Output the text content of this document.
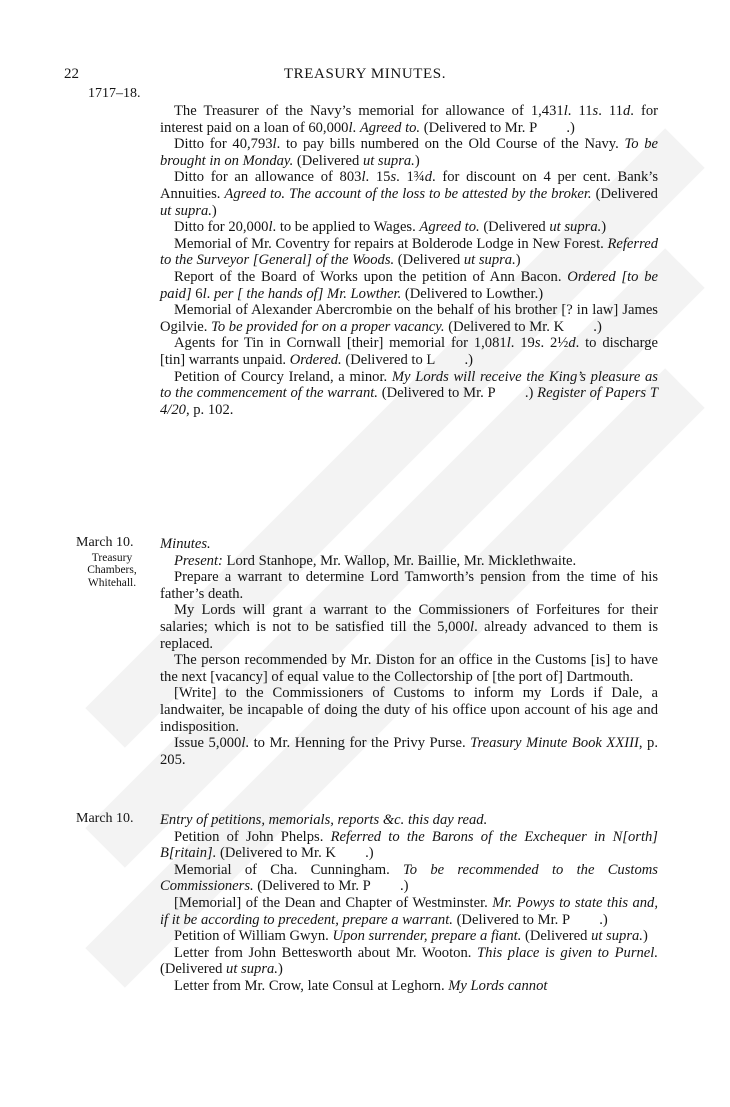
22	TREASURY MINUTES.
1717–18.

The Treasurer of the Navy’s memorial for allowance of 1,431l. 11s. 11d. for interest paid on a loan of 60,000l. Agreed to. (Delivered to Mr. P  .)

Ditto for 40,793l. to pay bills numbered on the Old Course of the Navy. To be brought in on Monday. (Delivered ut supra.)

Ditto for an allowance of 803l. 15s. 1¾d. for discount on 4 per cent. Bank’s Annuities. Agreed to. The account of the loss to be attested by the broker. (Delivered ut supra.)

Ditto for 20,000l. to be applied to Wages. Agreed to. (Delivered ut supra.)

Memorial of Mr. Coventry for repairs at Bolderode Lodge in New Forest. Referred to the Surveyor [General] of the Woods. (Delivered ut supra.)

Report of the Board of Works upon the petition of Ann Bacon. Ordered [to be paid] 6l. per [ the hands of] Mr. Lowther. (Delivered to Lowther.)

Memorial of Alexander Abercrombie on the behalf of his brother [? in law] James Ogilvie. To be provided for on a proper vacancy. (Delivered to Mr. K  .)

Agents for Tin in Cornwall [their] memorial for 1,081l. 19s. 2½d. to discharge [tin] warrants unpaid. Ordered. (Delivered to L  .)

Petition of Courcy Ireland, a minor. My Lords will receive the King’s pleasure as to the commencement of the warrant. (Delivered to Mr. P  .) Register of Papers T 4/20, p. 102.

March 10.
Treasury
Chambers,
Whitehall.

Minutes.

Present: Lord Stanhope, Mr. Wallop, Mr. Baillie, Mr. Micklethwaite.

Prepare a warrant to determine Lord Tamworth’s pension from the time of his father’s death.

My Lords will grant a warrant to the Commissioners of Forfeitures for their salaries; which is not to be satisfied till the 5,000l. already advanced to them is replaced.

The person recommended by Mr. Diston for an office in the Customs [is] to have the next [vacancy] of equal value to the Collectorship of [the port of] Dartmouth.

[Write] to the Commissioners of Customs to inform my Lords if Dale, a landwaiter, be incapable of doing the duty of his office upon account of his age and indisposition.

Issue 5,000l. to Mr. Henning for the Privy Purse. Treasury Minute Book XXIII, p. 205.

March 10.	Entry of petitions, memorials, reports &c. this day read.

Petition of John Phelps. Referred to the Barons of the Exchequer in N[orth] B[ritain]. (Delivered to Mr. K  .)

Memorial of Cha. Cunningham. To be recommended to the Customs Commissioners. (Delivered to Mr. P  .)

[Memorial] of the Dean and Chapter of Westminster. Mr. Powys to state this and, if it be according to precedent, prepare a warrant. (Delivered to Mr. P  .)

Petition of William Gwyn. Upon surrender, prepare a fiant. (Delivered ut supra.)

Letter from John Bettesworth about Mr. Wooton. This place is given to Purnel. (Delivered ut supra.)

Letter from Mr. Crow, late Consul at Leghorn. My Lords cannot
